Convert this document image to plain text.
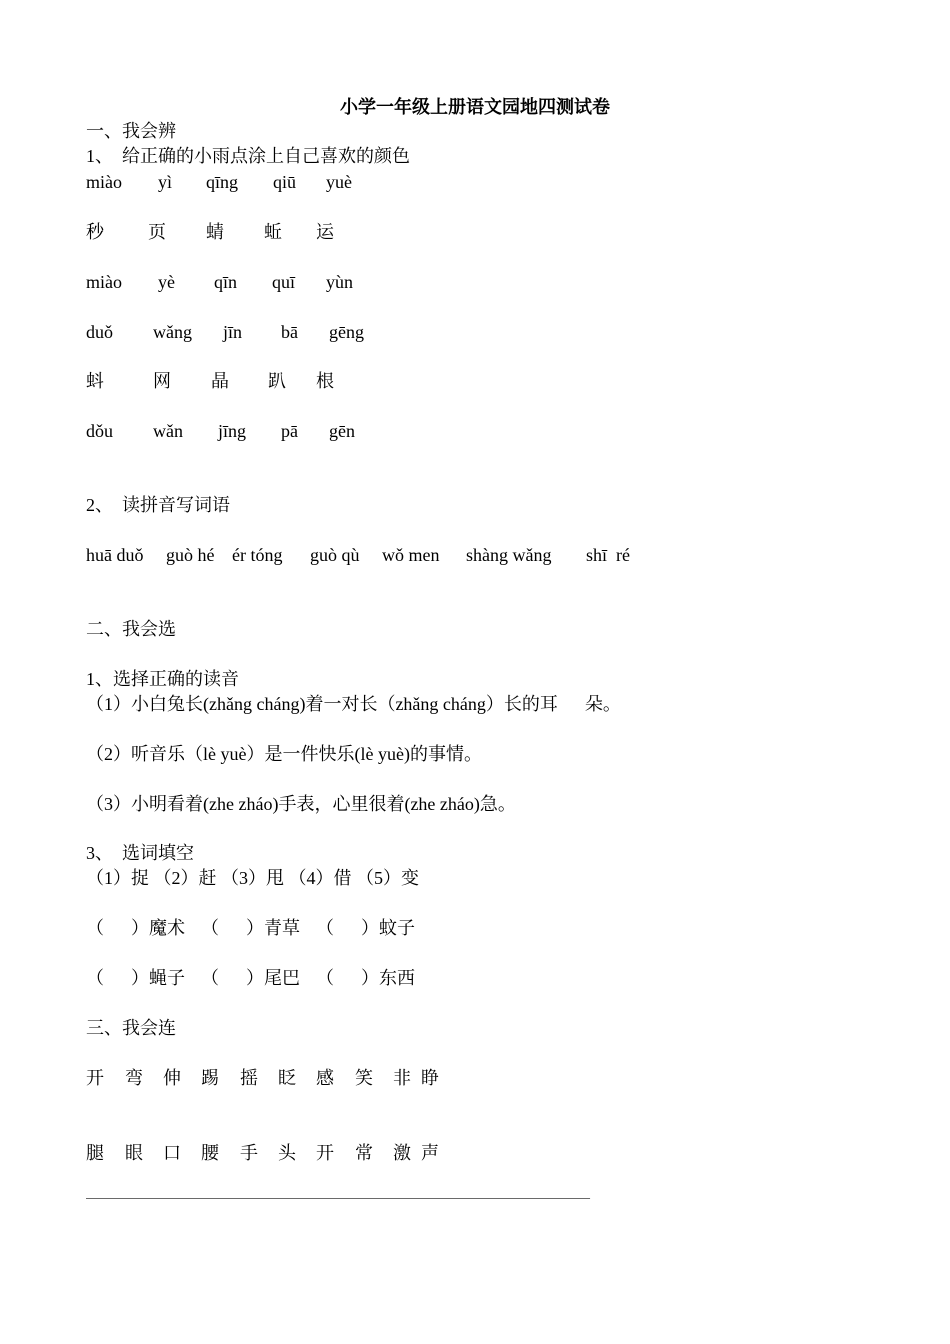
小学一年级上册语文园地四测试卷
一、我会辨
1、  给正确的小雨点涂上自己喜欢的颜色
miào yì qīng qiū yuè
秒 页 蜻 蚯 运
miào yè qīn quī yùn
duǒ wǎng jīn bā gēng
蚪	网 晶 趴 根
dǒu wǎn jīng pā gēn
2、  读拼音写词语
huā duǒ guò hé ér tóng guò qù wǒ men shàng wǎng shī  ré
二、我会选
1、选择正确的读音
（1）小白兔长(zhǎng cháng)着一对长（zhǎng cháng）长的耳      朵。
（2）听音乐（lè yuè）是一件快乐(lè yuè)的事情。
（3）小明看着(zhe zháo)手表，心里很着(zhe zháo)急。
3、  选词填空
（1）捉 （2）赶 （3）甩 （4）借 （5）变
（      ）魔术 （      ）青草 （      ）蚊子
（      ）蝇子 （      ）尾巴 （      ）东西
三、我会连
开 弯 伸 踢 摇 眨 感 笑 非 睁
腿 眼 口 腰 手 头 开 常 激 声
——————————————————————————————————————————
